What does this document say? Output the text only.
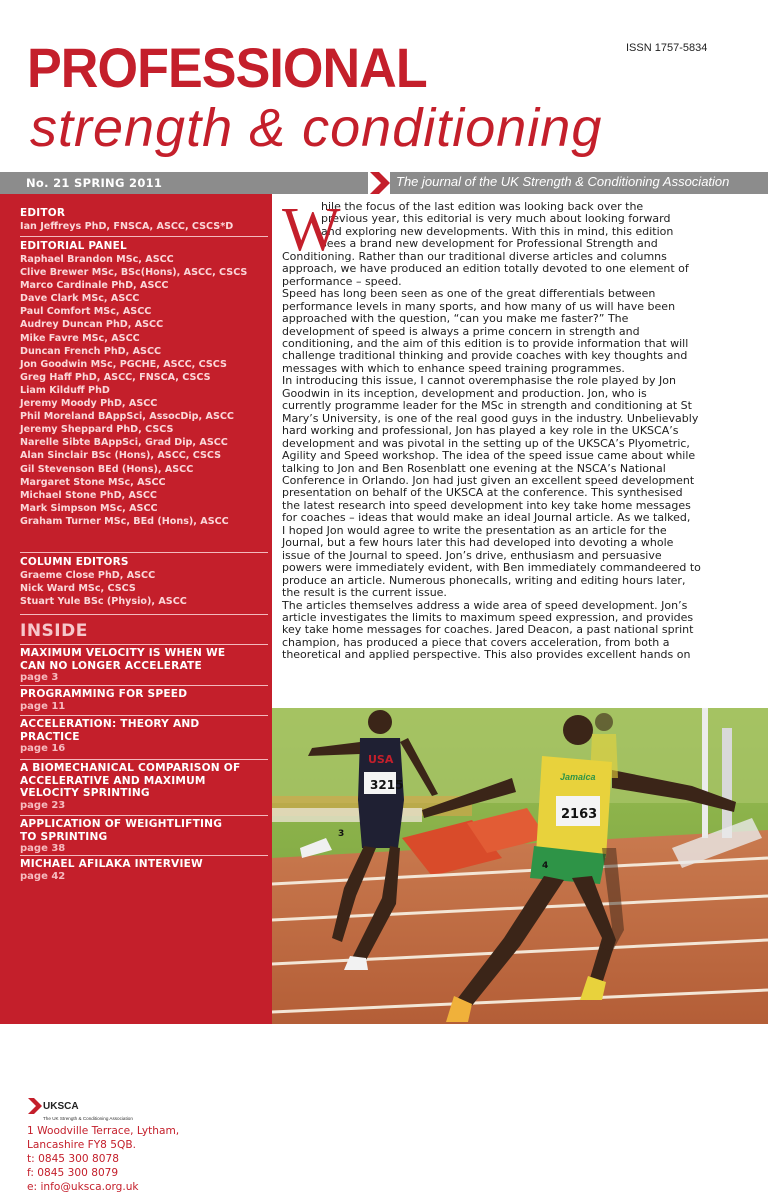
PROFESSIONAL
strength & conditioning
ISSN 1757-5834
No. 21 SPRING 2011	The journal of the UK Strength & Conditioning Association
EDITOR
Ian Jeffreys PhD, FNSCA, ASCC, CSCS*D
EDITORIAL PANEL
Raphael Brandon MSc, ASCC
Clive Brewer MSc, BSc(Hons), ASCC, CSCS
Marco Cardinale PhD, ASCC
Dave Clark MSc, ASCC
Paul Comfort MSc, ASCC
Audrey Duncan PhD, ASCC
Mike Favre MSc, ASCC
Duncan French PhD, ASCC
Jon Goodwin MSc, PGCHE, ASCC, CSCS
Greg Haff PhD, ASCC, FNSCA, CSCS
Liam Kilduff PhD
Jeremy Moody PhD, ASCC
Phil Moreland BAppSci, AssocDip, ASCC
Jeremy Sheppard PhD, CSCS
Narelle Sibte BAppSci, Grad Dip, ASCC
Alan Sinclair BSc (Hons), ASCC, CSCS
Gil Stevenson BEd (Hons), ASCC
Margaret Stone MSc, ASCC
Michael Stone PhD, ASCC
Mark Simpson MSc, ASCC
Graham Turner MSc, BEd (Hons), ASCC
COLUMN EDITORS
Graeme Close PhD, ASCC
Nick Ward MSc, CSCS
Stuart Yule BSc (Physio), ASCC
INSIDE
MAXIMUM VELOCITY IS WHEN WE
CAN NO LONGER ACCELERATE
page 3
PROGRAMMING FOR SPEED
page 11
ACCELERATION: THEORY AND
PRACTICE
page 16
A BIOMECHANICAL COMPARISON OF
ACCELERATIVE AND MAXIMUM
VELOCITY SPRINTING
page 23
APPLICATION OF WEIGHTLIFTING
TO SPRINTING
page 38
MICHAEL AFILAKA INTERVIEW
page 42
UKSCA
The UK Strength & Conditioning Association
1 Woodville Terrace, Lytham,
Lancashire FY8 5QB.
t: 0845 300 8078
f: 0845 300 8079
e: info@uksca.org.uk
W
hile the focus of the last edition was looking back over the
previous year, this editorial is very much about looking forward
and exploring new developments. With this in mind, this edition
sees a brand new development for Professional Strength and
Conditioning. Rather than our traditional diverse articles and columns
approach, we have produced an edition totally devoted to one element of
performance – speed.
Speed has long been seen as one of the great differentials between
performance levels in many sports, and how many of us will have been
approached with the question, “can you make me faster?” The
development of speed is always a prime concern in strength and
conditioning, and the aim of this edition is to provide information that will
challenge traditional thinking and provide coaches with key thoughts and
messages with which to enhance speed training programmes.
In introducing this issue, I cannot overemphasise the role played by Jon
Goodwin in its inception, development and production. Jon, who is
currently programme leader for the MSc in strength and conditioning at St
Mary’s University, is one of the real good guys in the industry. Unbelievably
hard working and professional, Jon has played a key role in the UKSCA’s
development and was pivotal in the setting up of the UKSCA’s Plyometric,
Agility and Speed workshop. The idea of the speed issue came about while
talking to Jon and Ben Rosenblatt one evening at the NSCA’s National
Conference in Orlando. Jon had just given an excellent speed development
presentation on behalf of the UKSCA at the conference. This synthesised
the latest research into speed development into key take home messages
for coaches – ideas that would make an ideal Journal article. As we talked,
I hoped Jon would agree to write the presentation as an article for the
Journal, but a few hours later this had developed into devoting a whole
issue of the Journal to speed. Jon’s drive, enthusiasm and persuasive
powers were immediately evident, with Ben immediately commandeered to
produce an article. Numerous phonecalls, writing and editing hours later,
the result is the current issue.
The articles themselves address a wide area of speed development. Jon’s
article investigates the limits to maximum speed expression, and provides
key take home messages for coaches. Jared Deacon, a past national sprint
champion, has produced a piece that covers acceleration, from both a
theoretical and applied perspective. This also provides excellent hands on
3215
USA
2163
Jamaica
3
4
